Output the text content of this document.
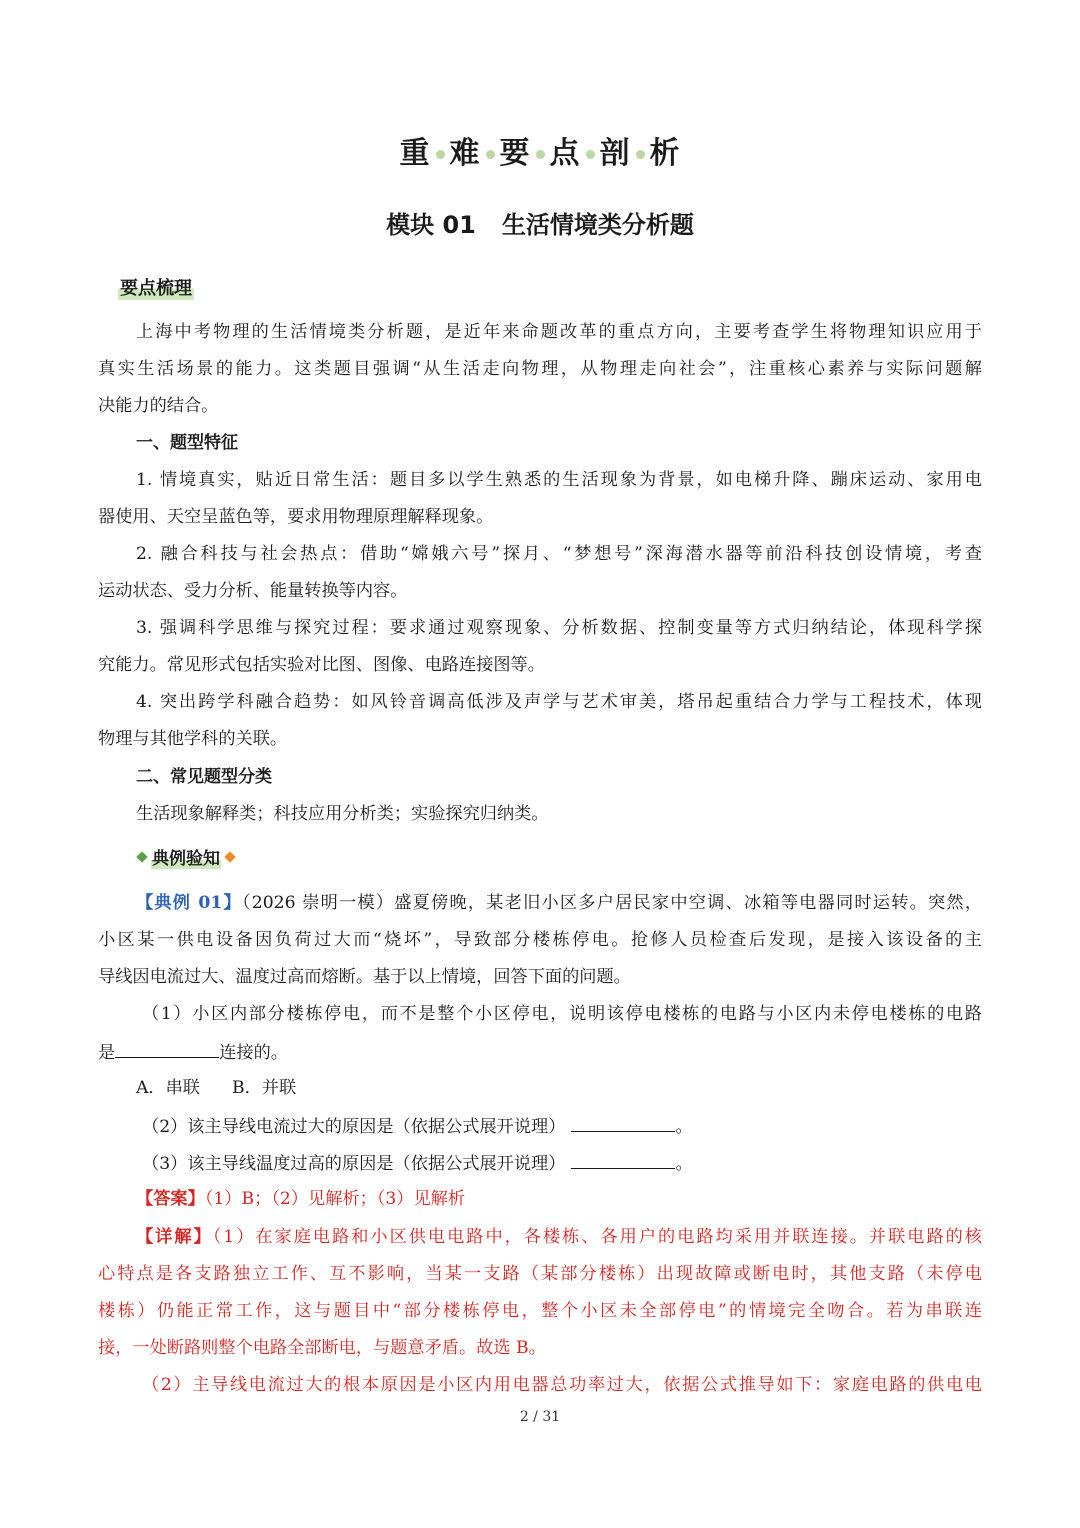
重 难 要 点 剖 析
模块 01 生活情境类分析题
要点梳理
上海中考物理的生活情境类分析题，是近年来命题改革的重点方向，主要考查学生将物理知识应用于
真实生活场景的能力。这类题目强调“从生活走向物理，从物理走向社会”，注重核心素养与实际问题解
决能力的结合。
一、题型特征
1. 情境真实，贴近日常生活：题目多以学生熟悉的生活现象为背景，如电梯升降、蹦床运动、家用电
器使用、天空呈蓝色等，要求用物理原理解释现象。
2. 融合科技与社会热点：借助“嫦娥六号”探月、“梦想号”深海潜水器等前沿科技创设情境，考查
运动状态、受力分析、能量转换等内容。
3. 强调科学思维与探究过程：要求通过观察现象、分析数据、控制变量等方式归纳结论，体现科学探
究能力。常见形式包括实验对比图、图像、电路连接图等。
4. 突出跨学科融合趋势：如风铃音调高低涉及声学与艺术审美，塔吊起重结合力学与工程技术，体现
物理与其他学科的关联。
二、常见题型分类
生活现象解释类；科技应用分析类；实验探究归纳类。
典例验知
【典例 01】（2026 崇明一模）盛夏傍晚，某老旧小区多户居民家中空调、冰箱等电器同时运转。突然，
小区某一供电设备因负荷过大而“烧坏”，导致部分楼栋停电。抢修人员检查后发现，是接入该设备的主
导线因电流过大、温度过高而熔断。基于以上情境，回答下面的问题。
（1）小区内部分楼栋停电，而不是整个小区停电，说明该停电楼栋的电路与小区内未停电楼栋的电路
是	连接的。
A．串联 B．并联
（2）该主导线电流过大的原因是（依据公式展开说理）	。
（3）该主导线温度过高的原因是（依据公式展开说理）	。
【答案】（1）B；（2）见解析；（3）见解析
【详解】（1）在家庭电路和小区供电电路中，各楼栋、各用户的电路均采用并联连接。并联电路的核
心特点是各支路独立工作、互不影响，当某一支路（某部分楼栋）出现故障或断电时，其他支路（未停电
楼栋）仍能正常工作，这与题目中“部分楼栋停电，整个小区未全部停电”的情境完全吻合。若为串联连
接，一处断路则整个电路全部断电，与题意矛盾。故选 B。
（2）主导线电流过大的根本原因是小区内用电器总功率过大，依据公式推导如下：家庭电路的供电电
2 / 31
